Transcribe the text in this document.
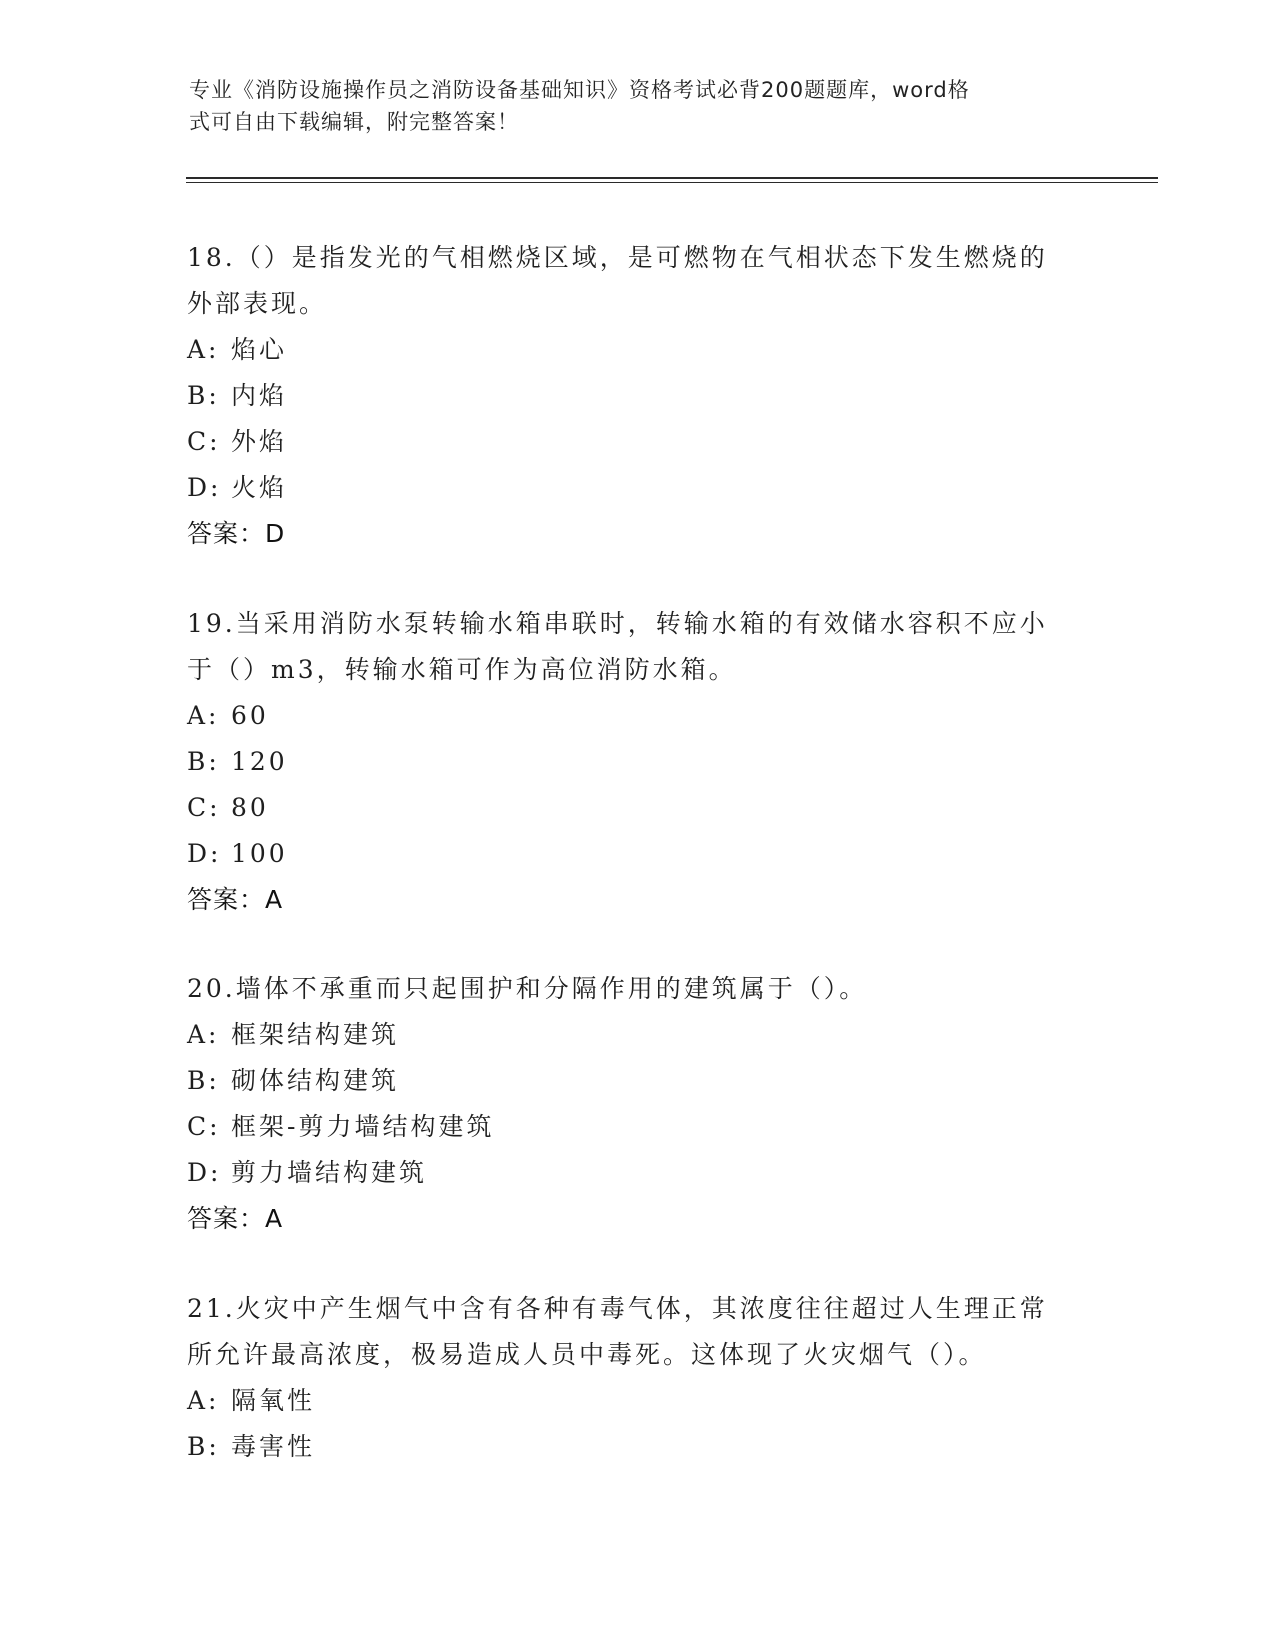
专业《消防设施操作员之消防设备基础知识》资格考试必背200题题库，word格
式可自由下载编辑，附完整答案！

18.（）是指发光的气相燃烧区域，是可燃物在气相状态下发生燃烧的

外部表现。

A: 焰心

B: 内焰

C: 外焰

D: 火焰

答案：D

19.当采用消防水泵转输水箱串联时，转输水箱的有效储水容积不应小

于（）m3，转输水箱可作为高位消防水箱。

A: 60

B: 120

C: 80

D: 100

答案：A

20.墙体不承重而只起围护和分隔作用的建筑属于（）。

A: 框架结构建筑

B: 砌体结构建筑

C: 框架-剪力墙结构建筑

D: 剪力墙结构建筑

答案：A

21.火灾中产生烟气中含有各种有毒气体，其浓度往往超过人生理正常

所允许最高浓度，极易造成人员中毒死。这体现了火灾烟气（）。

A: 隔氧性

B: 毒害性
